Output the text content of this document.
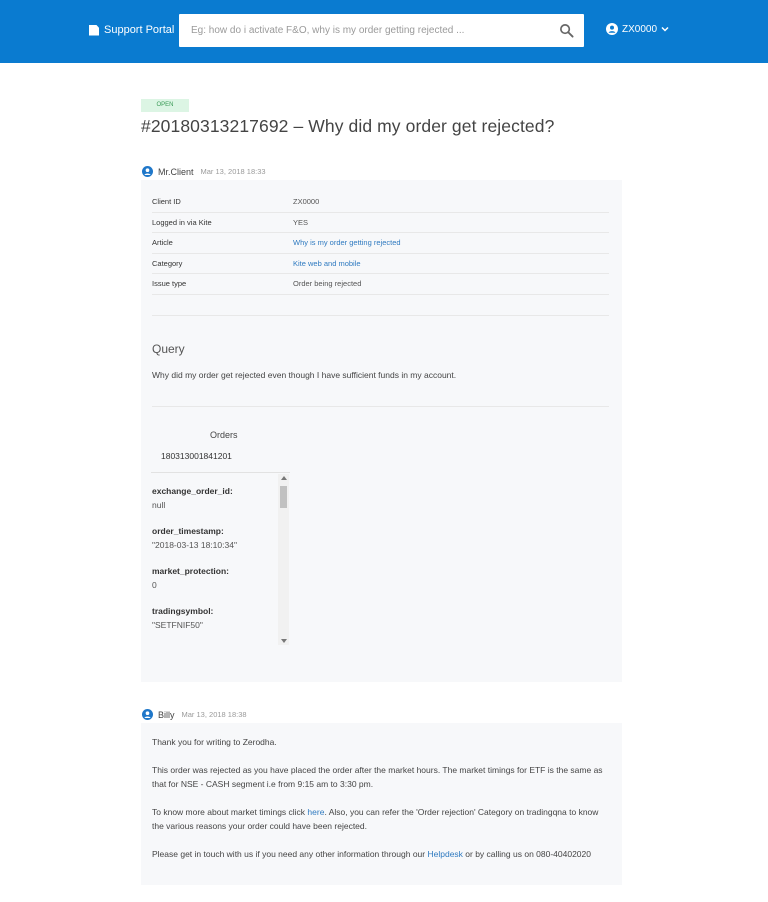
Support Portal
Eg: how do i activate F&O, why is my order getting rejected ...	ZX0000
OPEN
#20180313217692 – Why did my order get rejected?
Mr.Client Mar 13, 2018 18:33
Client ID	ZX0000
Logged in via Kite	YES
Article	Why is my order getting rejected
Category	Kite web and mobile
Issue type	Order being rejected
Query
Why did my order get rejected even though I have sufficient funds in my account.
Orders
180313001841201
exchange_order_id:
null
order_timestamp:
"2018-03-13 18:10:34"
market_protection:
0
tradingsymbol:
"SETFNIF50"
Billy Mar 13, 2018 18:38

Thank you for writing to Zerodha.

This order was rejected as you have placed the order after the market hours. The market timings for ETF is the same as that for NSE - CASH segment i.e from 9:15 am to 3:30 pm.

To know more about market timings click here. Also, you can refer the 'Order rejection' Category on tradingqna to know the various reasons your order could have been rejected.

Please get in touch with us if you need any other information through our Helpdesk or by calling us on 080-40402020
